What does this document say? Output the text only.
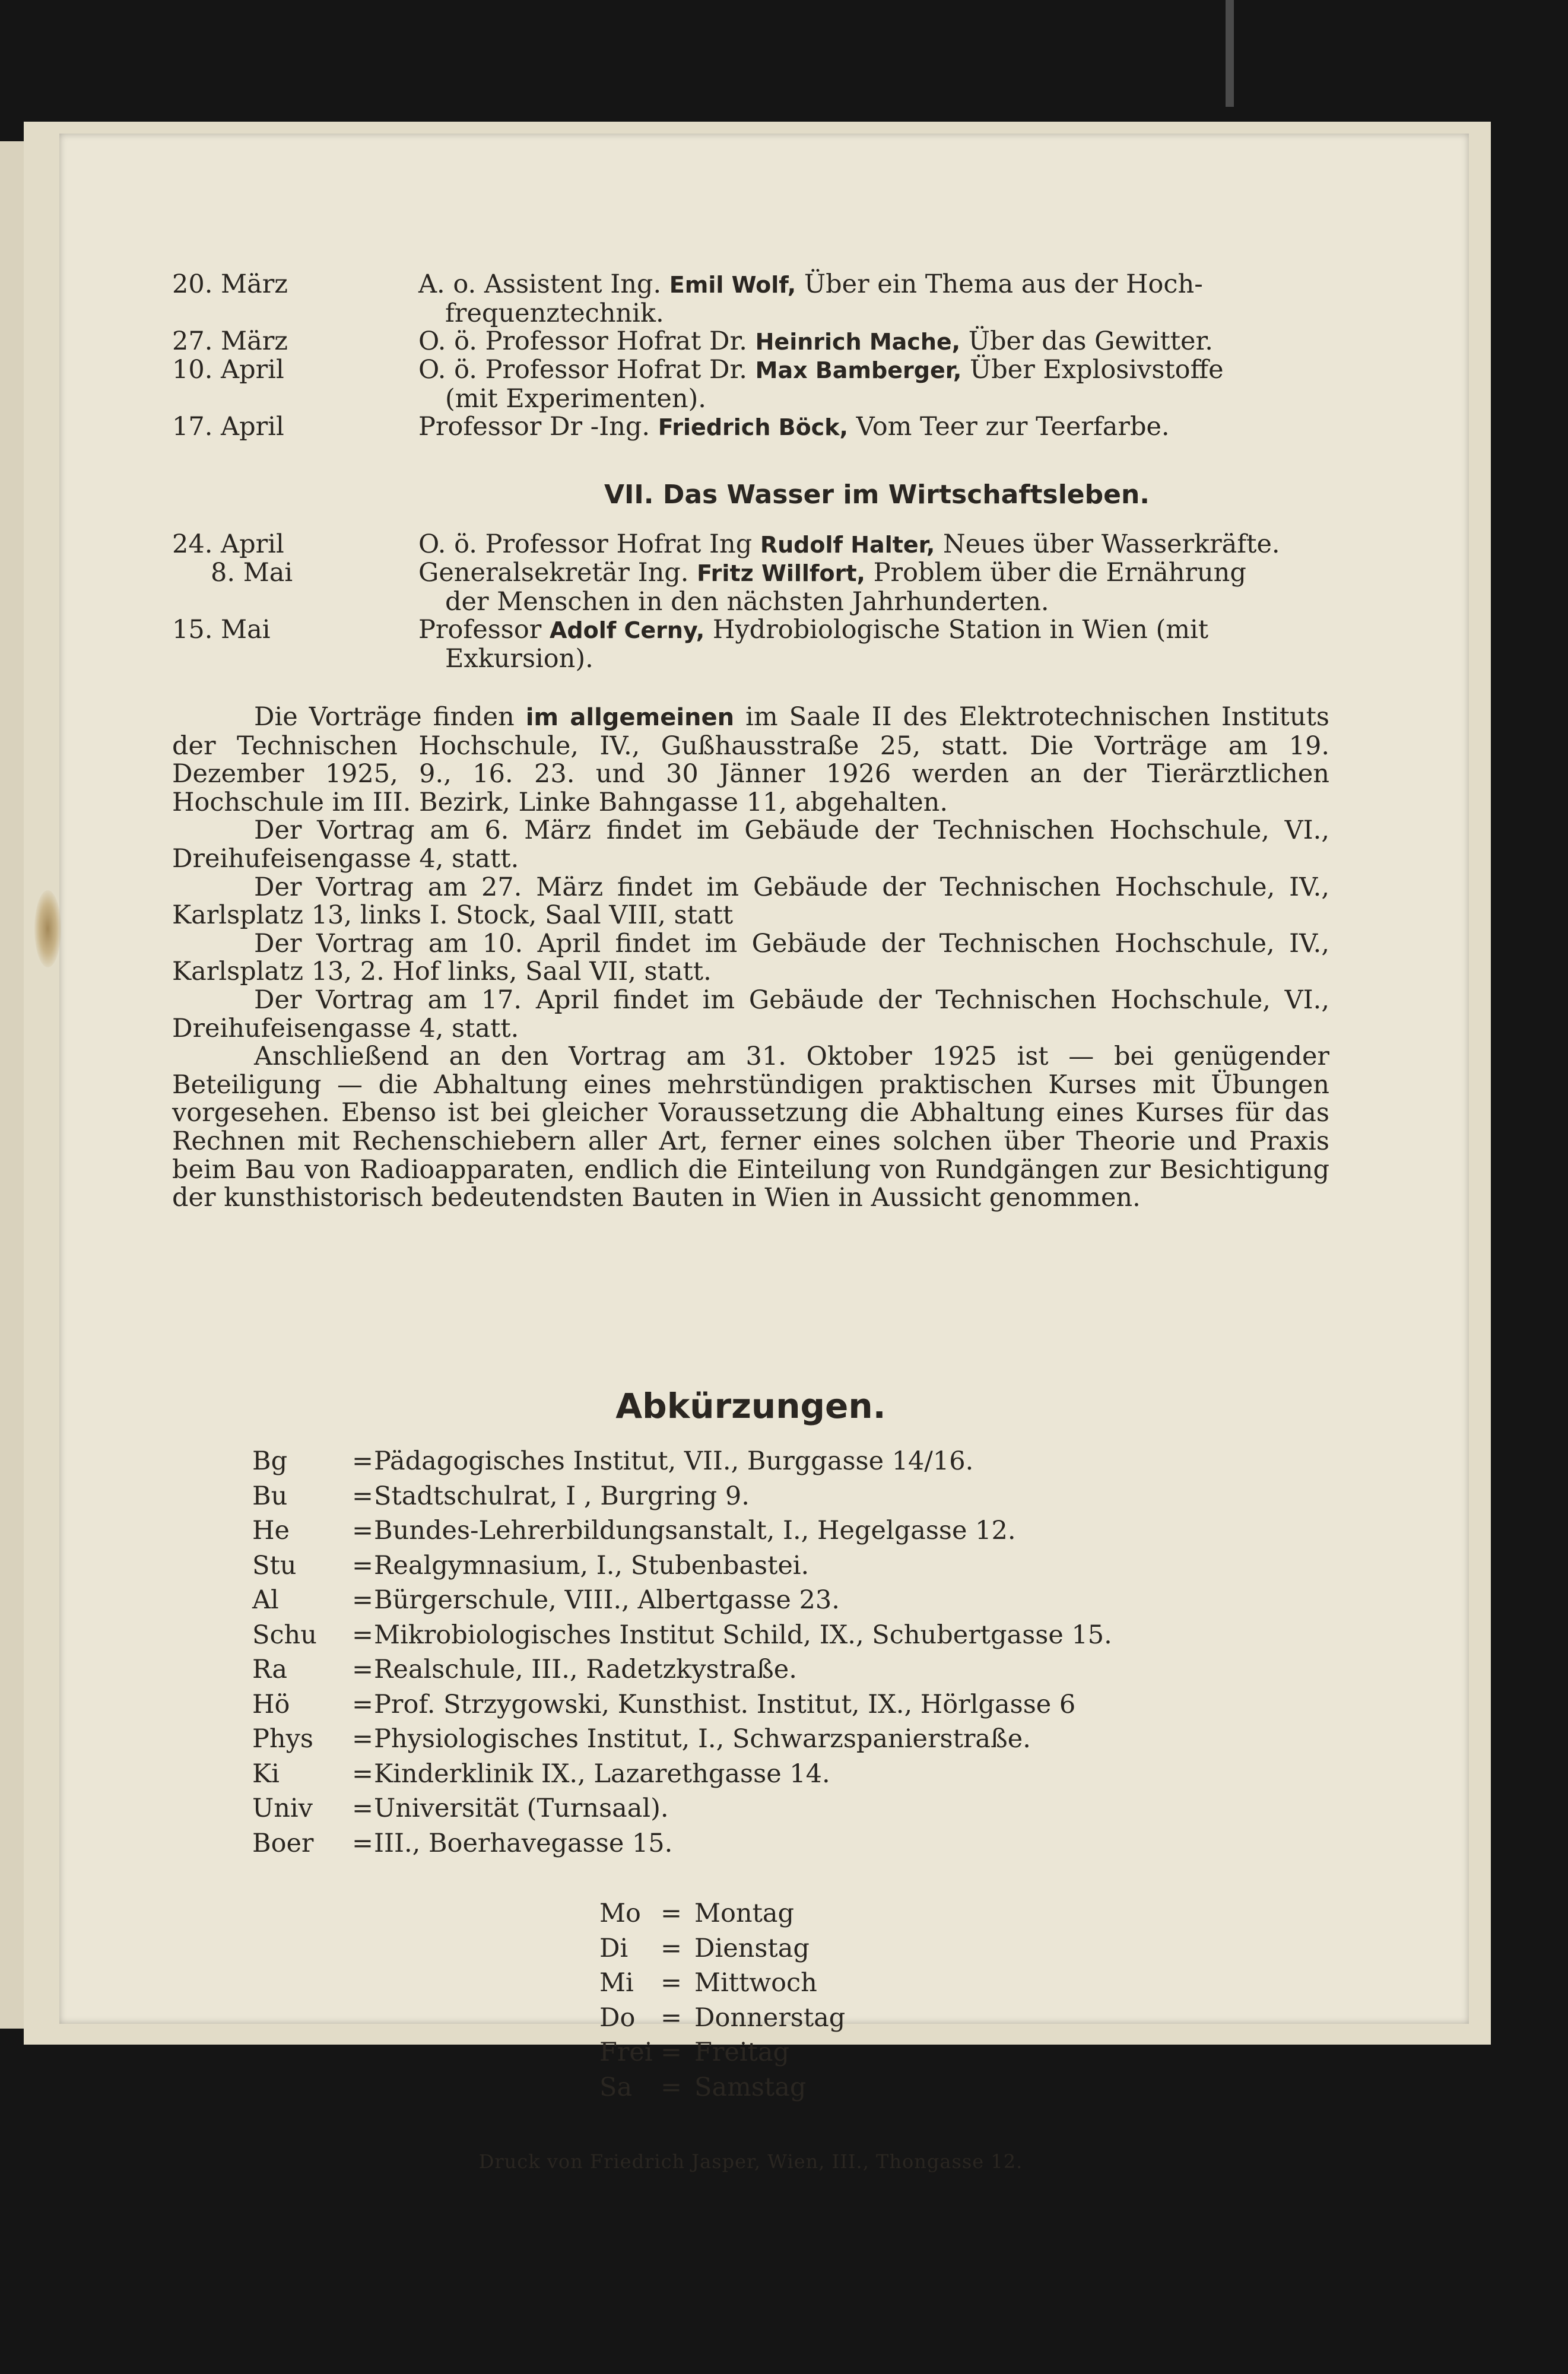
20. März	A. o. Assistent Ing. Emil Wolf, Über ein Thema aus der Hoch-
frequenztechnik.
27. März	O. ö. Professor Hofrat Dr. Heinrich Mache, Über das Gewitter.
10. April	O. ö. Professor Hofrat Dr. Max Bamberger, Über Explosivstoffe
(mit Experimenten).
17. April	Professor Dr -Ing. Friedrich Böck, Vom Teer zur Teerfarbe.
VII. Das Wasser im Wirtschaftsleben.
24. April	O. ö. Professor Hofrat Ing Rudolf Halter, Neues über Wasserkräfte.
8. Mai	Generalsekretär Ing. Fritz Willfort, Problem über die Ernährung
der Menschen in den nächsten Jahrhunderten.
15. Mai	Professor Adolf Cerny, Hydrobiologische Station in Wien (mit
Exkursion).

Die Vorträge finden im allgemeinen im Saale II des Elektrotechnischen Instituts der Technischen Hochschule, IV., Gußhausstraße 25, statt. Die Vorträge am 19. Dezember 1925, 9., 16. 23. und 30 Jänner 1926 werden an der Tierärztlichen Hochschule im III. Bezirk, Linke Bahngasse 11, abgehalten.

Der Vortrag am 6. März findet im Gebäude der Technischen Hochschule, VI., Dreihufeisengasse 4, statt.

Der Vortrag am 27. März findet im Gebäude der Technischen Hochschule, IV., Karlsplatz 13, links I. Stock, Saal VIII, statt

Der Vortrag am 10. April findet im Gebäude der Technischen Hochschule, IV., Karlsplatz 13, 2. Hof links, Saal VII, statt.

Der Vortrag am 17. April findet im Gebäude der Technischen Hochschule, VI., Dreihufeisengasse 4, statt.

Anschließend an den Vortrag am 31. Oktober 1925 ist — bei genügender Beteiligung — die Abhaltung eines mehrstündigen praktischen Kurses mit Übungen vorgesehen. Ebenso ist bei gleicher Voraussetzung die Abhaltung eines Kurses für das Rechnen mit Rechenschiebern aller Art, ferner eines solchen über Theorie und Praxis beim Bau von Radioapparaten, endlich die Einteilung von Rundgängen zur Besichtigung der kunsthistorisch bedeutendsten Bauten in Wien in Aussicht genommen.

Abkürzungen.
Bg	= Pädagogisches Institut, VII., Burggasse 14/16.
Bu	= Stadtschulrat, I , Burgring 9.
He	= Bundes-Lehrerbildungsanstalt, I., Hegelgasse 12.
Stu	= Realgymnasium, I., Stubenbastei.
Al	= Bürgerschule, VIII., Albertgasse 23.
Schu	= Mikrobiologisches Institut Schild, IX., Schubertgasse 15.
Ra	= Realschule, III., Radetzkystraße.
Hö	= Prof. Strzygowski, Kunsthist. Institut, IX., Hörlgasse 6
Phys	= Physiologisches Institut, I., Schwarzspanierstraße.
Ki	= Kinderklinik IX., Lazarethgasse 14.
Univ	= Universität (Turnsaal).
Boer	= III., Boerhavegasse 15.
Mo = Montag
Di = Dienstag
Mi = Mittwoch
Do = Donnerstag
Frei = Freitag
Sa = Samstag
Druck von Friedrich Jasper, Wien, III., Thongasse 12.
